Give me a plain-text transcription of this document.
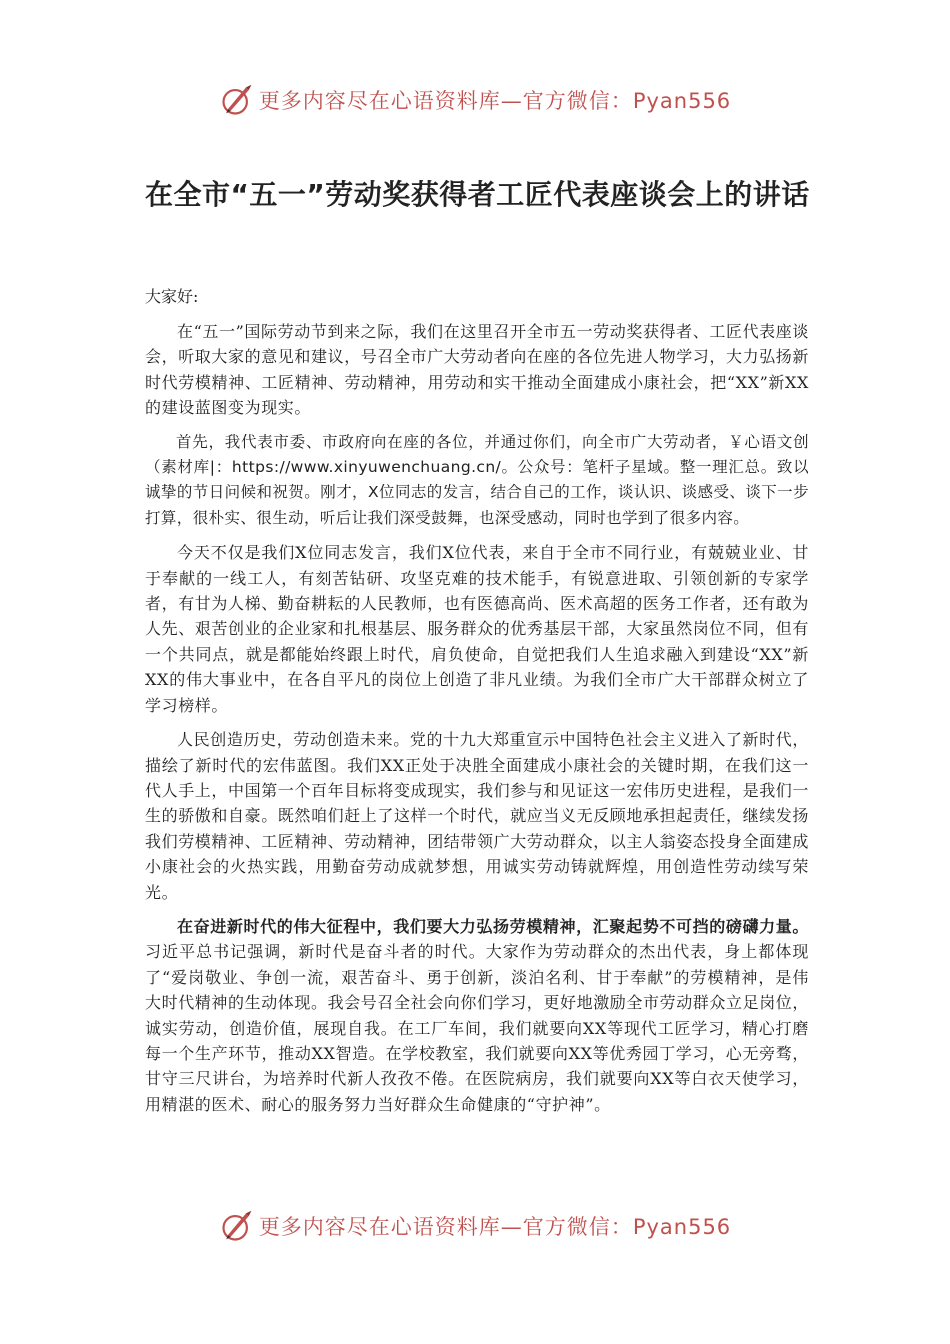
更多内容尽在心语资料库—官方微信：Pyan556
在全市“五一”劳动奖获得者工匠代表座谈会上的讲话

大家好:

在“五一”国际劳动节到来之际，我们在这里召开全市五一劳动奖获得者、工匠代表座谈会，听取大家的意见和建议，号召全市广大劳动者向在座的各位先进人物学习，大力弘扬新时代劳模精神、工匠精神、劳动精神，用劳动和实干推动全面建成小康社会，把“XX”新XX的建设蓝图变为现实。

首先，我代表市委、市政府向在座的各位，并通过你们，向全市广大劳动者，￥心语文创（素材库|：https://www.xinyuwenchuang.cn/。公众号：笔杆子星域。整一理汇总。致以诚挚的节日问候和祝贺。刚才，X位同志的发言，结合自己的工作，谈认识、谈感受、谈下一步打算，很朴实、很生动，听后让我们深受鼓舞，也深受感动，同时也学到了很多内容。

今天不仅是我们X位同志发言，我们X位代表，来自于全市不同行业，有兢兢业业、甘于奉献的一线工人，有刻苦钻研、攻坚克难的技术能手，有锐意进取、引领创新的专家学者，有甘为人梯、勤奋耕耘的人民教师，也有医德高尚、医术高超的医务工作者，还有敢为人先、艰苦创业的企业家和扎根基层、服务群众的优秀基层干部，大家虽然岗位不同，但有一个共同点，就是都能始终跟上时代，肩负使命，自觉把我们人生追求融入到建设“XX”新XX的伟大事业中，在各自平凡的岗位上创造了非凡业绩。为我们全市广大干部群众树立了学习榜样。

人民创造历史，劳动创造未来。党的十九大郑重宣示中国特色社会主义进入了新时代，描绘了新时代的宏伟蓝图。我们XX正处于决胜全面建成小康社会的关键时期，在我们这一代人手上，中国第一个百年目标将变成现实，我们参与和见证这一宏伟历史进程，是我们一生的骄傲和自豪。既然咱们赶上了这样一个时代，就应当义无反顾地承担起责任，继续发扬我们劳模精神、工匠精神、劳动精神，团结带领广大劳动群众，以主人翁姿态投身全面建成小康社会的火热实践，用勤奋劳动成就梦想，用诚实劳动铸就辉煌，用创造性劳动续写荣光。

在奋进新时代的伟大征程中，我们要大力弘扬劳模精神，汇聚起势不可挡的磅礴力量。习近平总书记强调，新时代是奋斗者的时代。大家作为劳动群众的杰出代表，身上都体现了“爱岗敬业、争创一流，艰苦奋斗、勇于创新，淡泊名利、甘于奉献”的劳模精神，是伟大时代精神的生动体现。我会号召全社会向你们学习，更好地激励全市劳动群众立足岗位，诚实劳动，创造价值，展现自我。在工厂车间，我们就要向XX等现代工匠学习，精心打磨每一个生产环节，推动XX智造。在学校教室，我们就要向XX等优秀园丁学习，心无旁骛，甘守三尺讲台，为培养时代新人孜孜不倦。在医院病房，我们就要向XX等白衣天使学习，用精湛的医术、耐心的服务努力当好群众生命健康的“守护神”。

更多内容尽在心语资料库—官方微信：Pyan556
